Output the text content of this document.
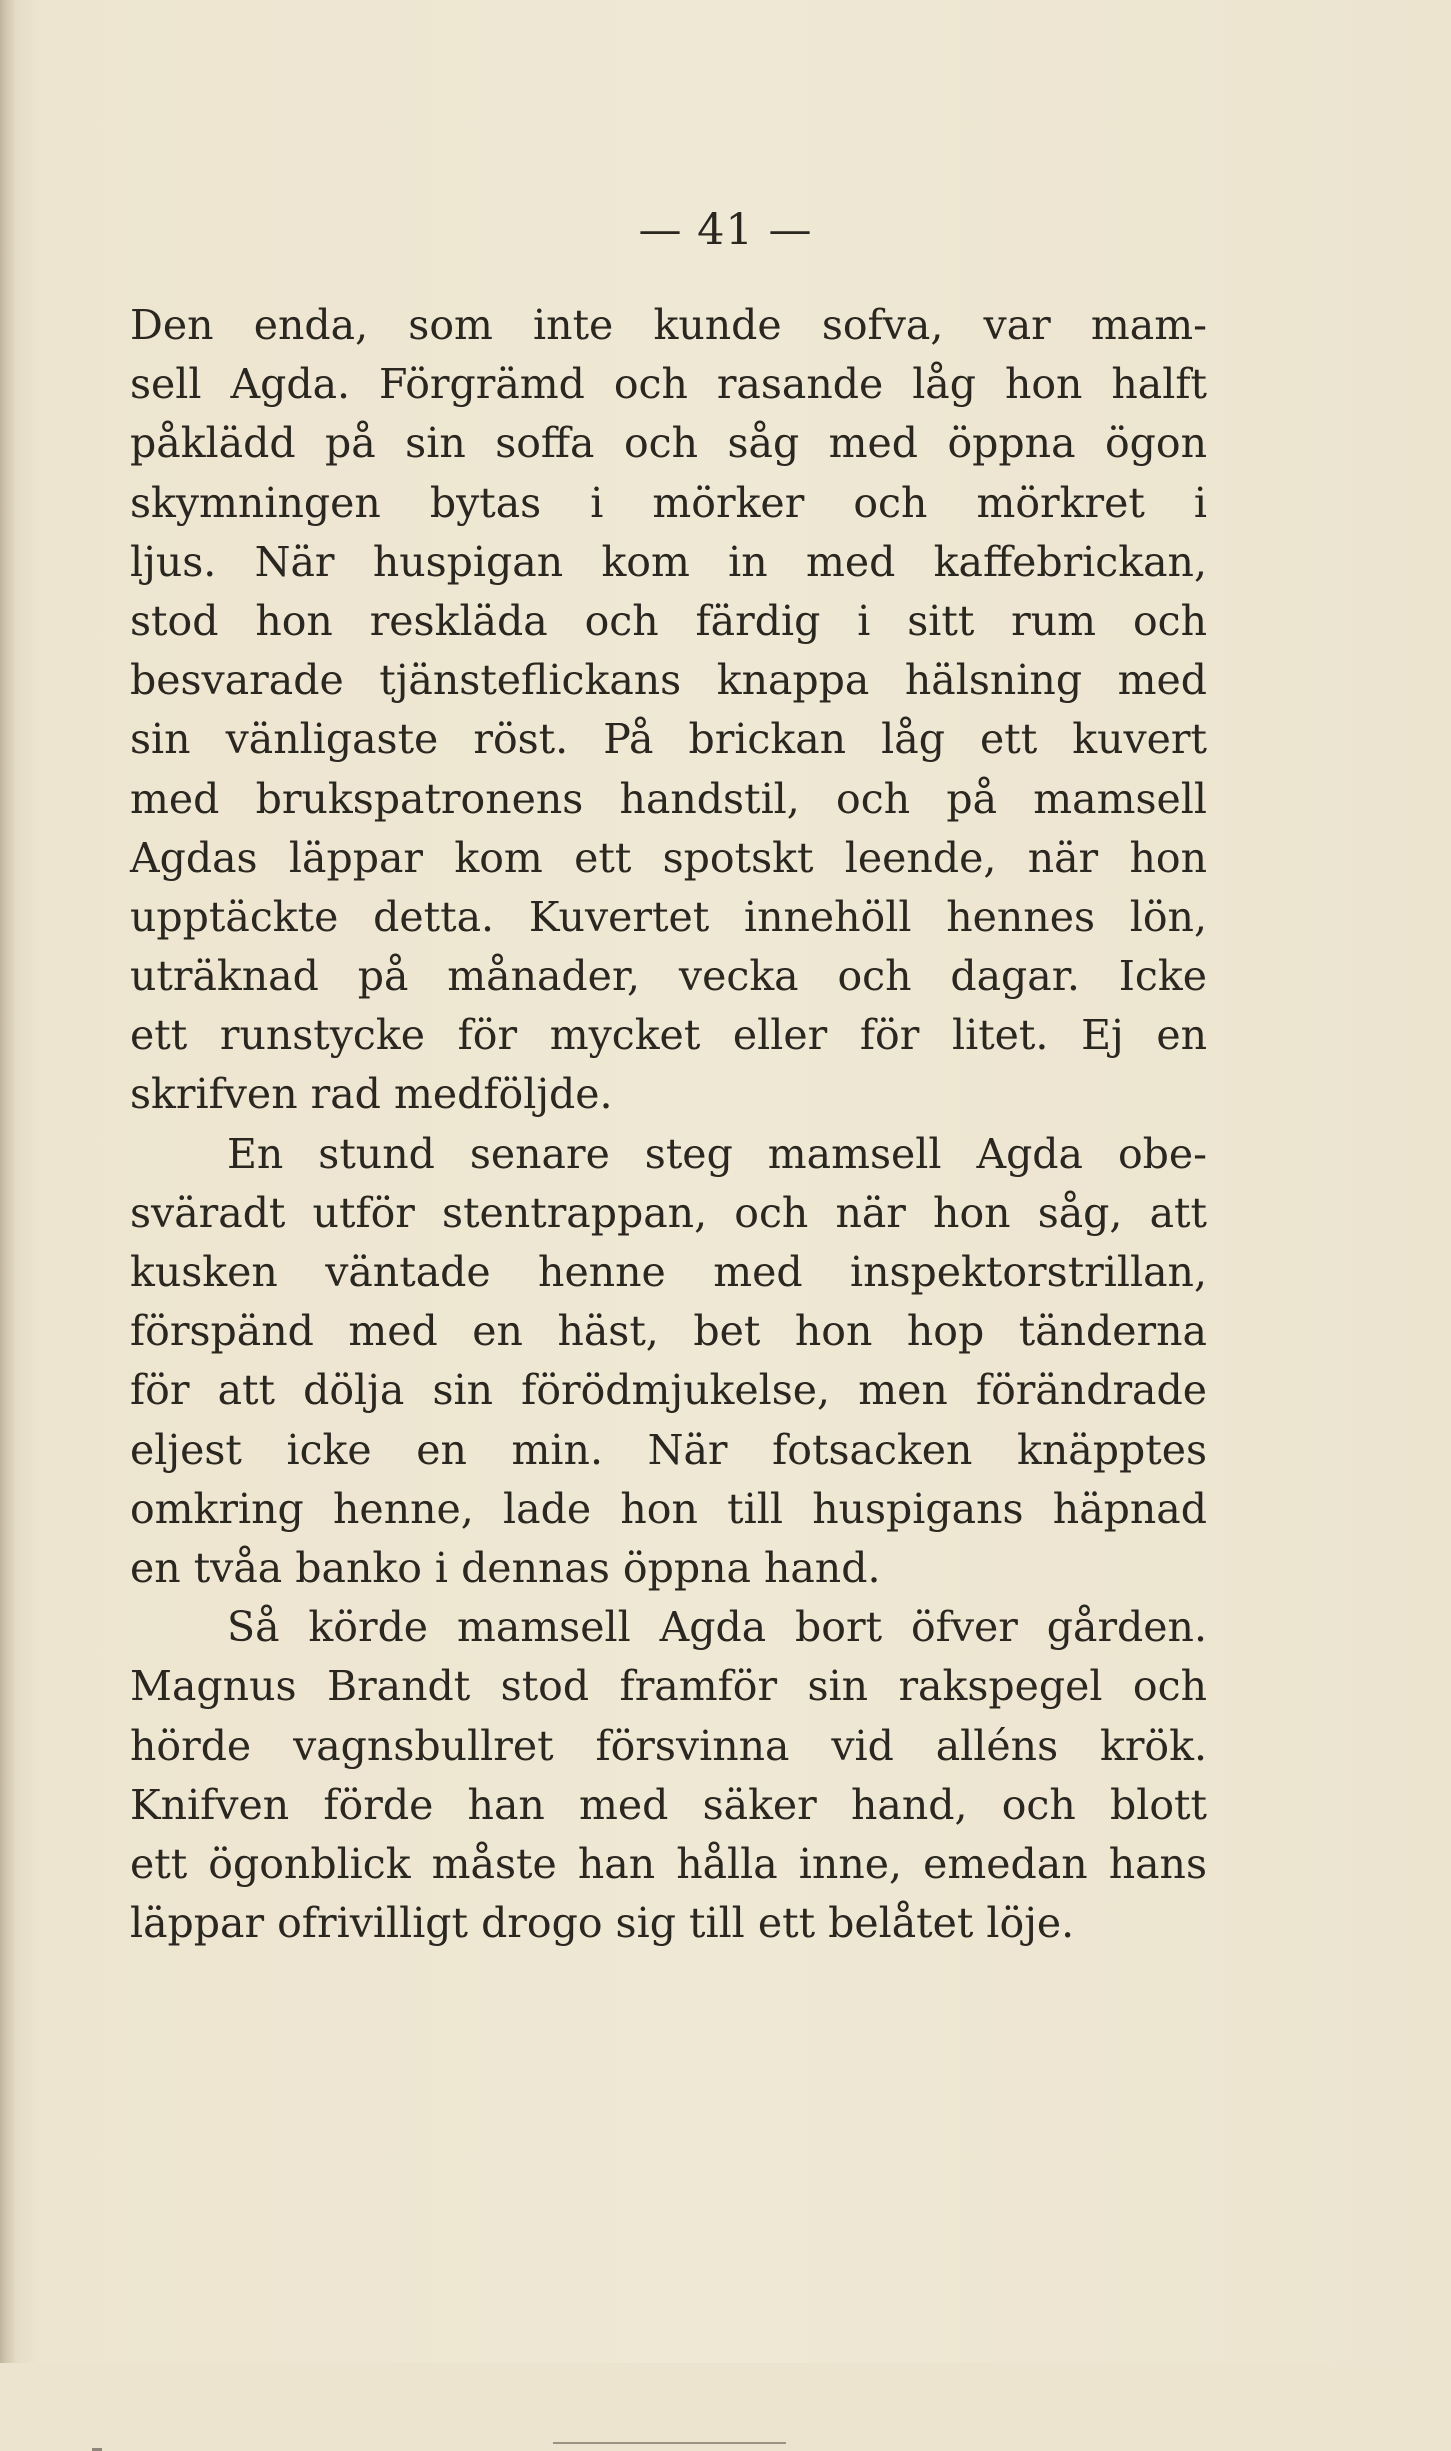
— 41 —
Den enda, som inte kunde sofva, var mam-
sell Agda. Förgrämd och rasande låg hon halft
påklädd på sin soffa och såg med öppna ögon
skymningen bytas i mörker och mörkret i
ljus. När huspigan kom in med kaffebrickan,
stod hon reskläda och färdig i sitt rum och
besvarade tjänsteflickans knappa hälsning med
sin vänligaste röst. På brickan låg ett kuvert
med brukspatronens handstil, och på mamsell
Agdas läppar kom ett spotskt leende, när hon
upptäckte detta. Kuvertet innehöll hennes lön,
uträknad på månader, vecka och dagar. Icke
ett runstycke för mycket eller för litet. Ej en
skrifven rad medföljde.
En stund senare steg mamsell Agda obe-
sväradt utför stentrappan, och när hon såg, att
kusken väntade henne med inspektorstrillan,
förspänd med en häst, bet hon hop tänderna
för att dölja sin förödmjukelse, men förändrade
eljest icke en min. När fotsacken knäpptes
omkring henne, lade hon till huspigans häpnad
en tvåa banko i dennas öppna hand.
Så körde mamsell Agda bort öfver gården.
Magnus Brandt stod framför sin rakspegel och
hörde vagnsbullret försvinna vid alléns krök.
Knifven förde han med säker hand, och blott
ett ögonblick måste han hålla inne, emedan hans
läppar ofrivilligt drogo sig till ett belåtet löje.
